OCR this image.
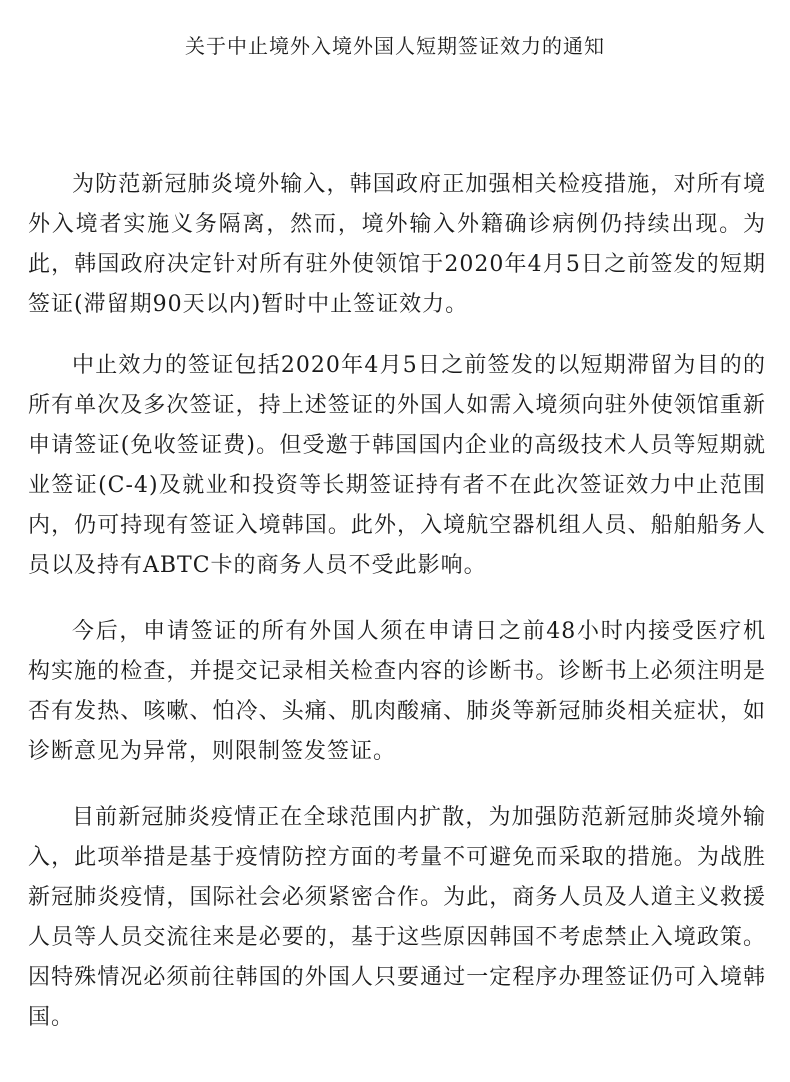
关于中止境外入境外国人短期签证效力的通知

为防范新冠肺炎境外输入，韩国政府正加强相关检疫措施，对所有境外入境者实施义务隔离，然而，境外输入外籍确诊病例仍持续出现。为此，韩国政府决定针对所有驻外使领馆于2020年4月5日之前签发的短期签证(滞留期90天以内)暂时中止签证效力。

中止效力的签证包括2020年4月5日之前签发的以短期滞留为目的的所有单次及多次签证，持上述签证的外国人如需入境须向驻外使领馆重新申请签证(免收签证费)。但受邀于韩国国内企业的高级技术人员等短期就业签证(C-4)及就业和投资等长期签证持有者不在此次签证效力中止范围内，仍可持现有签证入境韩国。此外，入境航空器机组人员、船舶船务人员以及持有ABTC卡的商务人员不受此影响。

今后，申请签证的所有外国人须在申请日之前48小时内接受医疗机构实施的检查，并提交记录相关检查内容的诊断书。诊断书上必须注明是否有发热、咳嗽、怕冷、头痛、肌肉酸痛、肺炎等新冠肺炎相关症状，如诊断意见为异常，则限制签发签证。

目前新冠肺炎疫情正在全球范围内扩散，为加强防范新冠肺炎境外输入，此项举措是基于疫情防控方面的考量不可避免而采取的措施。为战胜新冠肺炎疫情，国际社会必须紧密合作。为此，商务人员及人道主义救援人员等人员交流往来是必要的，基于这些原因韩国不考虑禁止入境政策。因特殊情况必须前往韩国的外国人只要通过一定程序办理签证仍可入境韩国。
